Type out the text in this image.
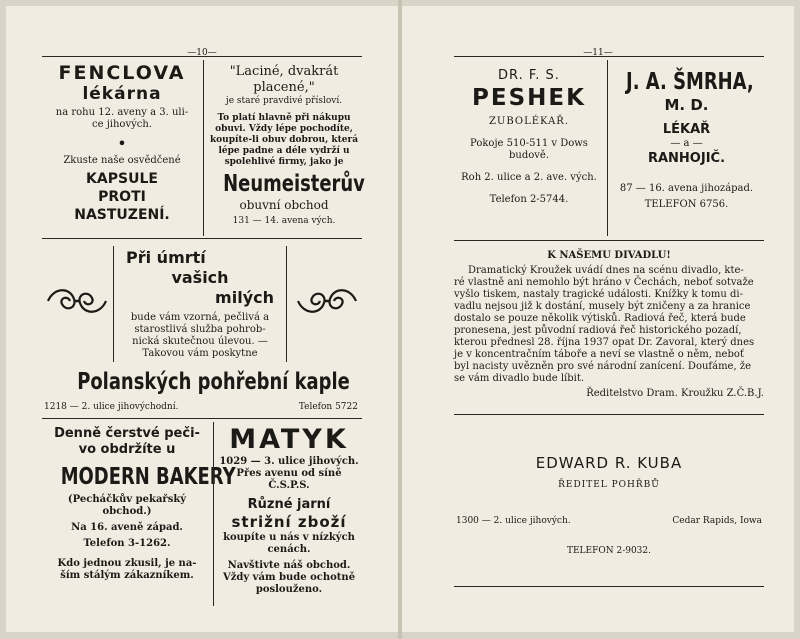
—10—
FENCLOVA
lékárna
na rohu 12. aveny a 3. uli-
ce jihových.
•
Zkuste naše osvědčené
KAPSULE
PROTI
NASTUZENÍ.
"Laciné, dvakrát
placené,"
je staré pravdivé přísloví.
To platí hlavně při nákupu
obuvi. Vždy lépe pochodíte,
koupíte-li obuv dobrou, která
lépe padne a déle vydrží u
spolehlivé firmy, jako je
Neumeisterův
obuvní obchod
131 — 14. avena vých.
Při úmrtí
vašich
milých
bude vám vzorná, pečlivá a
starostlivá služba pohrob-
nická skutečnou úlevou. —
Takovou vám poskytne
Polanských pohřební kaple
1218 — 2. ulice jihovýchodní.	Telefon 5722
Denně čerstvé peči-
vo obdržíte u
MODERN BAKERY
(Pecháčkův pekařský
obchod.)
Na 16. aveně západ.
Telefon 3-1262.
Kdo jednou zkusil, je na-
ším stálým zákazníkem.
MATYK
1029 — 3. ulice jihových.
Přes avenu od síně Č.S.P.S.
Různé jarní
strižní zboží
koupíte u nás v nízkých
cenách.
Navštivte náš obchod.
Vždy vám bude ochotně
poslouženo.
—11—
DR. F. S.
PESHEK
ZUBOLÉKAŘ.
Pokoje 510-511 v Dows
budově.
Roh 2. ulice a 2. ave. vých.
Telefon 2-5744.
J. A. ŠMRHA,
M. D.
LÉKAŘ
— a —
RANHOJIČ.
87 — 16. avena jihozápad.
TELEFON 6756.
K NAŠEMU DIVADLU!
Dramatický Kroužek uvádí dnes na scénu divadlo, kte-
ré vlastně ani nemohlo být hráno v Čechách, neboť sotvaže
vyšlo tiskem, nastaly tragické události. Knížky k tomu di-
vadlu nejsou již k dostání, musely být zničeny a za hranice
dostalo se pouze několik výtisků. Radiová řeč, která bude
pronesena, jest původní radiová řeč historického pozadí,
kterou přednesl 28. října 1937 opat Dr. Zavoral, který dnes
je v koncentračním táboře a neví se vlastně o něm, neboť
byl nacisty uvězněn pro své národní zanícení. Doufáme, že
se vám divadlo bude líbit.
Ředitelstvo Dram. Kroužku Z.Č.B.J.
EDWARD R. KUBA
ŘEDITEL POHŘBŮ
1300 — 2. ulice jihových.	Cedar Rapids, Iowa
TELEFON 2-9032.
